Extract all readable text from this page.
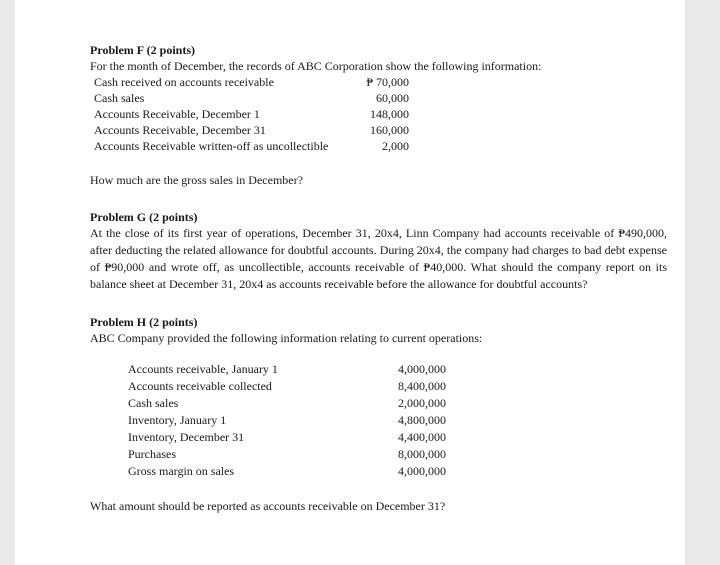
Problem F (2 points)
For the month of December, the records of ABC Corporation show the following information:
Cash received on accounts receivable	₱ 70,000
Cash sales	60,000
Accounts Receivable, December 1	148,000
Accounts Receivable, December 31	160,000
Accounts Receivable written-off as uncollectible	2,000
How much are the gross sales in December?
Problem G (2 points)
At the close of its first year of operations, December 31, 20x4, Linn Company had accounts receivable of ₱490,000, after deducting the related allowance for doubtful accounts. During 20x4, the company had charges to bad debt expense of ₱90,000 and wrote off, as uncollectible, accounts receivable of ₱40,000. What should the company report on its balance sheet at December 31, 20x4 as accounts receivable before the allowance for doubtful accounts?
Problem H (2 points)
ABC Company provided the following information relating to current operations:
Accounts receivable, January 1	4,000,000
Accounts receivable collected	8,400,000
Cash sales	2,000,000
Inventory, January 1	4,800,000
Inventory, December 31	4,400,000
Purchases	8,000,000
Gross margin on sales	4,000,000
What amount should be reported as accounts receivable on December 31?
